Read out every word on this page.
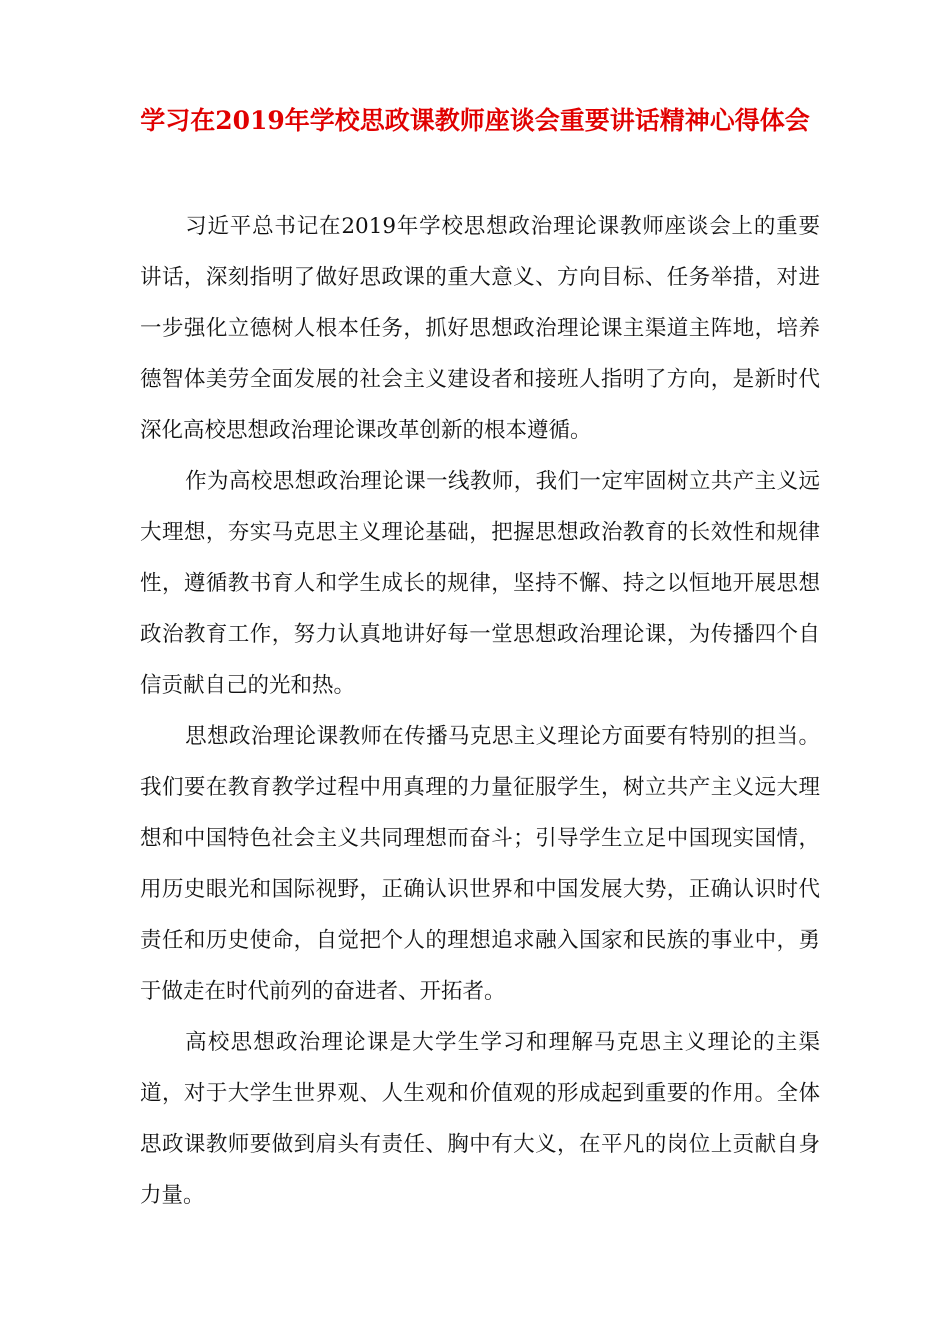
学习在2019年学校思政课教师座谈会重要讲话精神心得体会

习近平总书记在2019年学校思想政治理论课教师座谈会上的重要讲话，深刻指明了做好思政课的重大意义、方向目标、任务举措，对进一步强化立德树人根本任务，抓好思想政治理论课主渠道主阵地，培养德智体美劳全面发展的社会主义建设者和接班人指明了方向，是新时代深化高校思想政治理论课改革创新的根本遵循。

作为高校思想政治理论课一线教师，我们一定牢固树立共产主义远大理想，夯实马克思主义理论基础，把握思想政治教育的长效性和规律性，遵循教书育人和学生成长的规律，坚持不懈、持之以恒地开展思想政治教育工作，努力认真地讲好每一堂思想政治理论课，为传播四个自信贡献自己的光和热。

思想政治理论课教师在传播马克思主义理论方面要有特别的担当。我们要在教育教学过程中用真理的力量征服学生，树立共产主义远大理想和中国特色社会主义共同理想而奋斗；引导学生立足中国现实国情，用历史眼光和国际视野，正确认识世界和中国发展大势，正确认识时代责任和历史使命，自觉把个人的理想追求融入国家和民族的事业中，勇于做走在时代前列的奋进者、开拓者。

高校思想政治理论课是大学生学习和理解马克思主义理论的主渠道，对于大学生世界观、人生观和价值观的形成起到重要的作用。全体思政课教师要做到肩头有责任、胸中有大义，在平凡的岗位上贡献自身力量。
